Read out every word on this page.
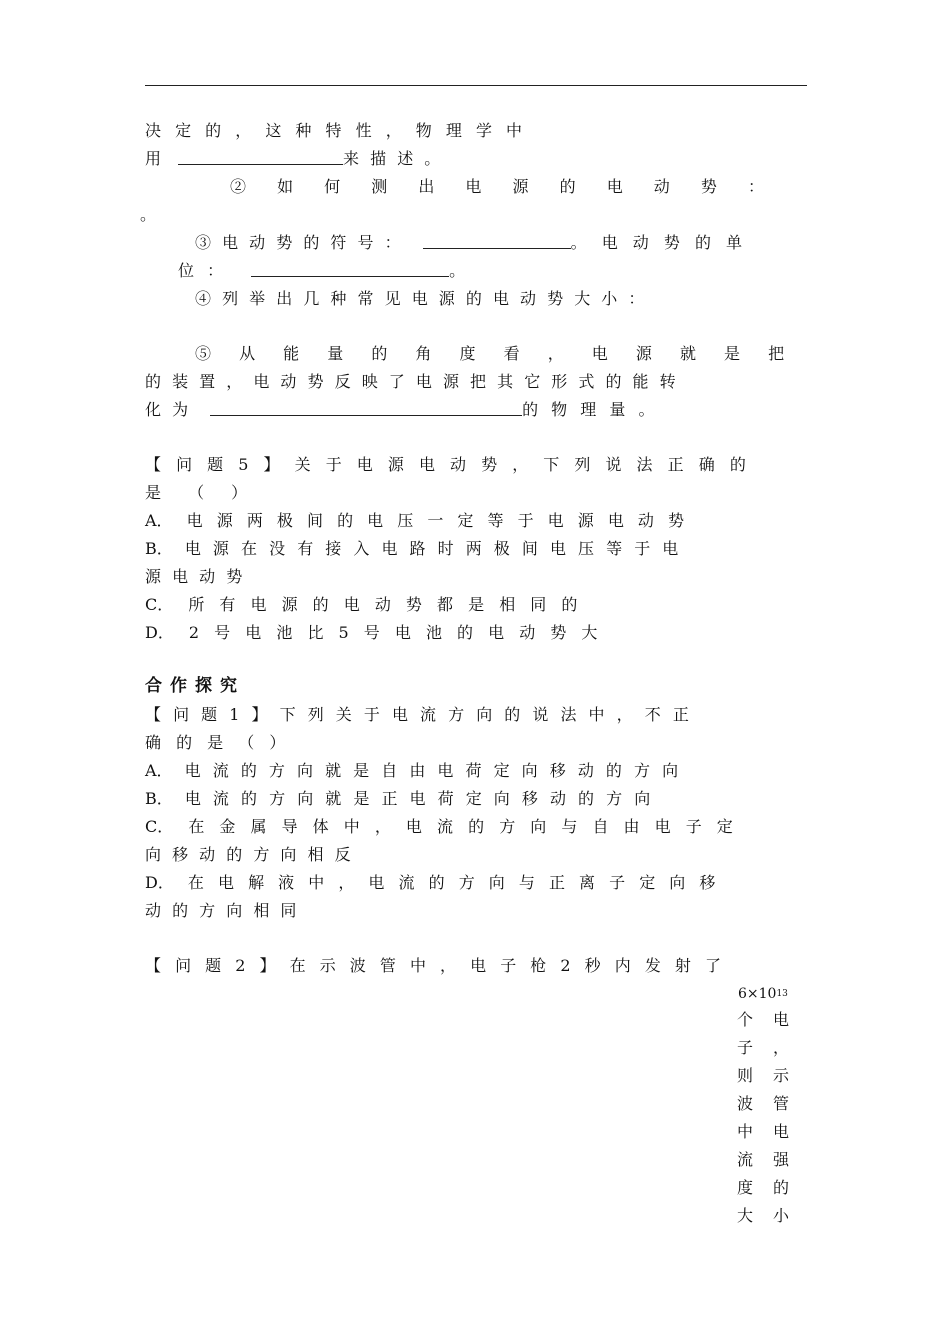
决 定 的 ， 这 种 特 性 ， 物 理 学 中
用	来 描 述 。
② 如 何 测 出 电 源 的 电 动 势 ：
。
③ 电 动 势 的 符 号 ：	。 电 动 势 的 单
位 ：	。
④ 列 举 出 几 种 常 见 电 源 的 电 动 势 大 小 ：
⑤ 从 能 量 的 角 度 看 ， 电 源 就 是 把
的 装 置 ， 电 动 势 反 映 了 电 源 把 其 它 形 式 的 能 转
化 为	的 物 理 量 。
【 问 题 5 】 关 于 电 源 电 动 势 ， 下 列 说 法 正 确 的
是 （ ）
A． 电 源 两 极 间 的 电 压 一 定 等 于 电 源 电 动 势
B． 电 源 在 没 有 接 入 电 路 时 两 极 间 电 压 等 于 电
源 电 动 势
C． 所 有 电 源 的 电 动 势 都 是 相 同 的
D． 2 号 电 池 比 5 号 电 池 的 电 动 势 大
合作探究
【 问 题 1 】 下 列 关 于 电 流 方 向 的 说 法 中 ， 不 正
确 的 是 （ ）
A． 电 流 的 方 向 就 是 自 由 电 荷 定 向 移 动 的 方 向
B． 电 流 的 方 向 就 是 正 电 荷 定 向 移 动 的 方 向
C． 在 金 属 导 体 中 ， 电 流 的 方 向 与 自 由 电 子 定
向 移 动 的 方 向 相 反
D． 在 电 解 液 中 ， 电 流 的 方 向 与 正 离 子 定 向 移
动 的 方 向 相 同
【 问 题 2 】 在 示 波 管 中 ， 电 子 枪 2 秒 内 发 射 了
6×10 13
个 电
子 ，
则 示
波 管
中 电
流 强
度 的
大 小
